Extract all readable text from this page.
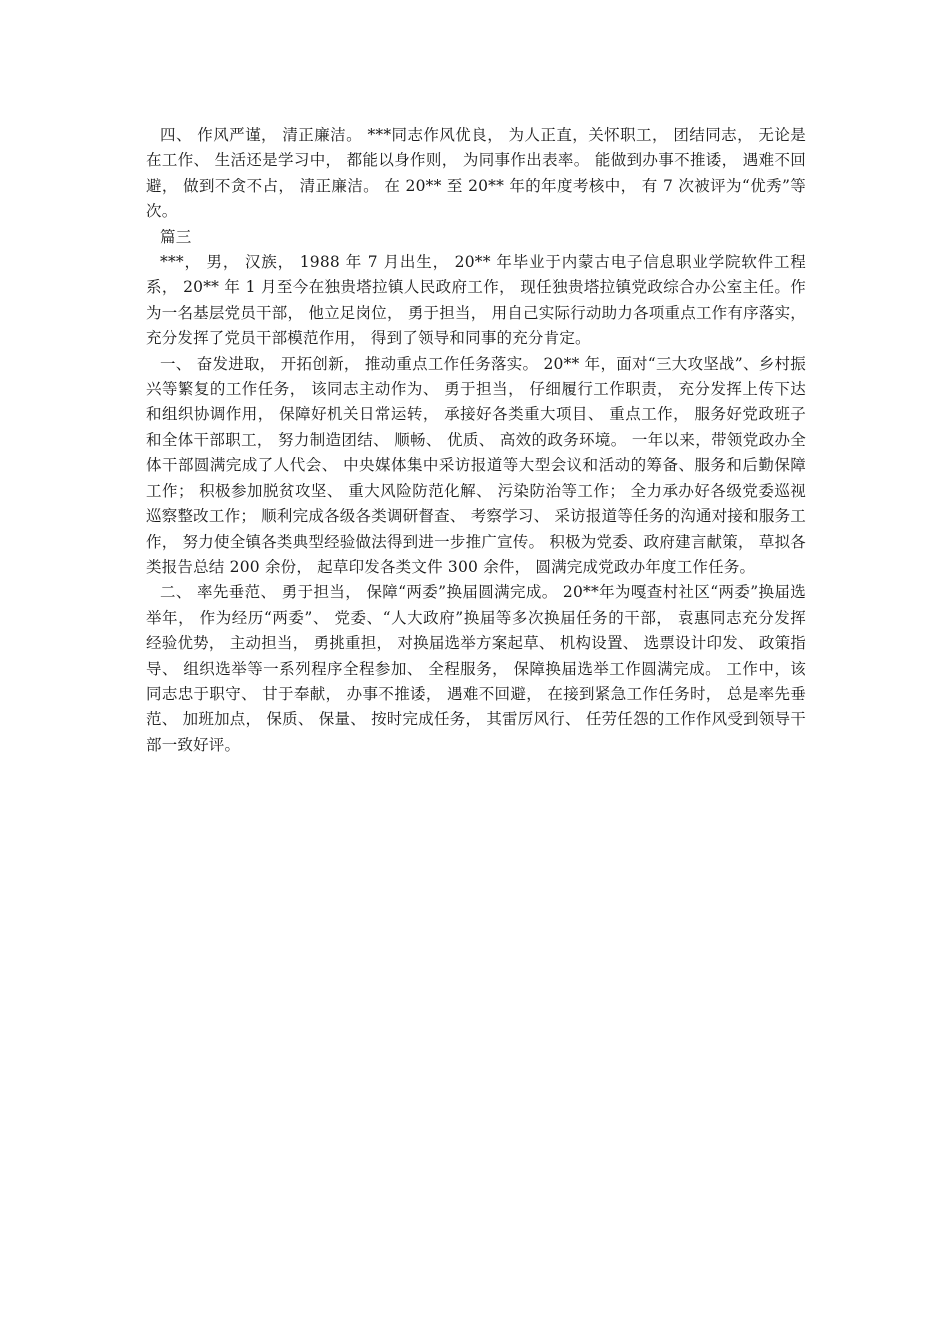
四、 作风严谨， 清正廉洁。 ***同志作风优良， 为人正直，关怀职工， 团结同志， 无论是在工作、 生活还是学习中， 都能以身作则， 为同事作出表率。 能做到办事不推诿， 遇难不回避， 做到不贪不占， 清正廉洁。 在 20** 至 20** 年的年度考核中， 有 7 次被评为“优秀”等次。

篇三

***， 男， 汉族， 1988 年 7 月出生， 20** 年毕业于内蒙古电子信息职业学院软件工程系， 20** 年 1 月至今在独贵塔拉镇人民政府工作， 现任独贵塔拉镇党政综合办公室主任。作为一名基层党员干部， 他立足岗位， 勇于担当， 用自己实际行动助力各项重点工作有序落实， 充分发挥了党员干部模范作用， 得到了领导和同事的充分肯定。

一、 奋发进取， 开拓创新， 推动重点工作任务落实。 20** 年，面对“三大攻坚战”、乡村振兴等繁复的工作任务， 该同志主动作为、 勇于担当， 仔细履行工作职责， 充分发挥上传下达和组织协调作用， 保障好机关日常运转， 承接好各类重大项目、 重点工作， 服务好党政班子和全体干部职工， 努力制造团结、 顺畅、 优质、 高效的政务环境。 一年以来，带领党政办全体干部圆满完成了人代会、 中央媒体集中采访报道等大型会议和活动的筹备、服务和后勤保障工作； 积极参加脱贫攻坚、 重大风险防范化解、 污染防治等工作； 全力承办好各级党委巡视巡察整改工作； 顺利完成各级各类调研督查、 考察学习、 采访报道等任务的沟通对接和服务工作， 努力使全镇各类典型经验做法得到进一步推广宣传。 积极为党委、政府建言献策， 草拟各类报告总结 200 余份， 起草印发各类文件 300 余件， 圆满完成党政办年度工作任务。

二、 率先垂范、 勇于担当， 保障“两委”换届圆满完成。 20**年为嘎查村社区“两委”换届选举年， 作为经历“两委”、 党委、“人大政府”换届等多次换届任务的干部， 袁惠同志充分发挥经验优势， 主动担当， 勇挑重担， 对换届选举方案起草、 机构设置、 选票设计印发、 政策指导、 组织选举等一系列程序全程参加、 全程服务， 保障换届选举工作圆满完成。 工作中，该同志忠于职守、 甘于奉献， 办事不推诿， 遇难不回避， 在接到紧急工作任务时， 总是率先垂范、 加班加点， 保质、 保量、 按时完成任务， 其雷厉风行、 任劳任怨的工作作风受到领导干部一致好评。
